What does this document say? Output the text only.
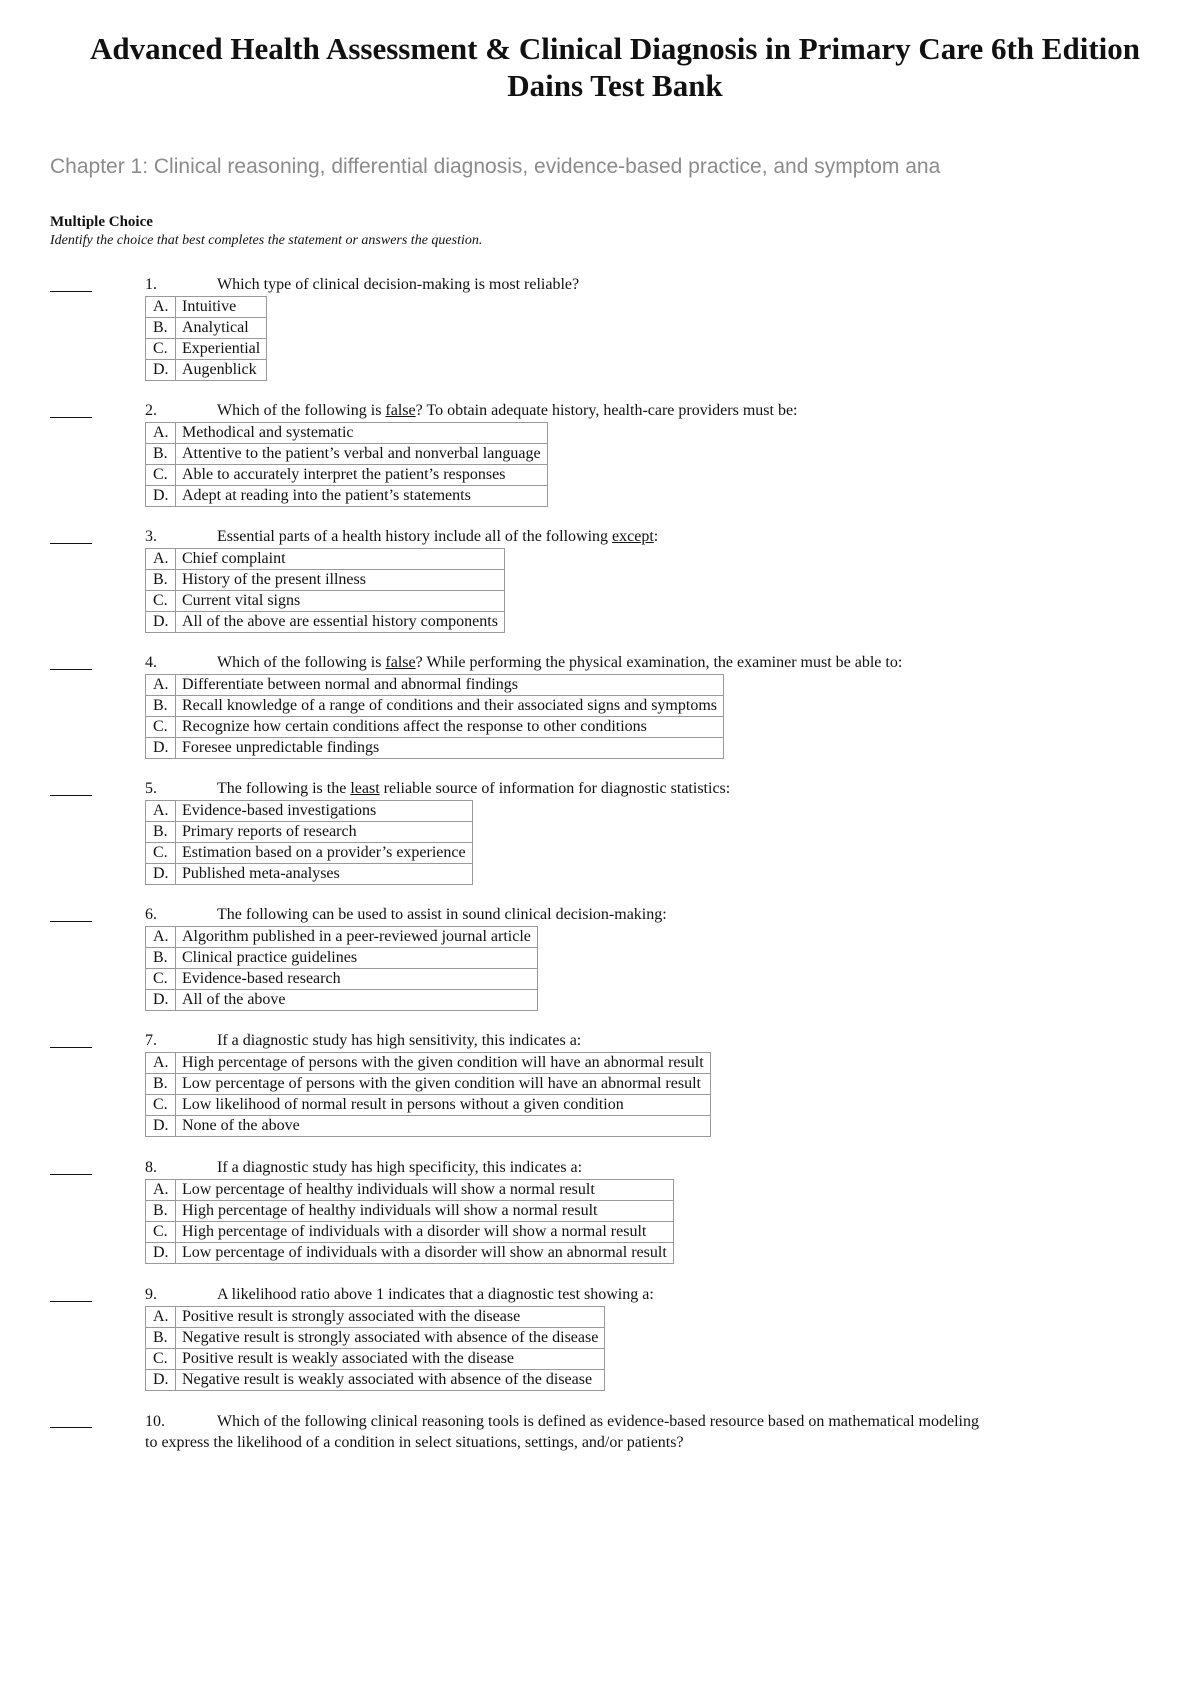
Advanced Health Assessment & Clinical Diagnosis in Primary Care 6th Edition
Dains Test Bank

Chapter 1: Clinical reasoning, differential diagnosis, evidence-based practice, and symptom ana

Multiple Choice
Identify the choice that best completes the statement or answers the question.
1.	Which type of clinical decision-making is most reliable?
A.	Intuitive
B.	Analytical
C.	Experiential
D.	Augenblick
2.	Which of the following is false? To obtain adequate history, health-care providers must be:
A.	Methodical and systematic
B.	Attentive to the patient’s verbal and nonverbal language
C.	Able to accurately interpret the patient’s responses
D.	Adept at reading into the patient’s statements
3.	Essential parts of a health history include all of the following except:
A.	Chief complaint
B.	History of the present illness
C.	Current vital signs
D.	All of the above are essential history components
4.	Which of the following is false? While performing the physical examination, the examiner must be able to:
A.	Differentiate between normal and abnormal findings
B.	Recall knowledge of a range of conditions and their associated signs and symptoms
C.	Recognize how certain conditions affect the response to other conditions
D.	Foresee unpredictable findings
5.	The following is the least reliable source of information for diagnostic statistics:
A.	Evidence-based investigations
B.	Primary reports of research
C.	Estimation based on a provider’s experience
D.	Published meta-analyses
6.	The following can be used to assist in sound clinical decision-making:
A.	Algorithm published in a peer-reviewed journal article
B.	Clinical practice guidelines
C.	Evidence-based research
D.	All of the above
7.	If a diagnostic study has high sensitivity, this indicates a:
A.	High percentage of persons with the given condition will have an abnormal result
B.	Low percentage of persons with the given condition will have an abnormal result
C.	Low likelihood of normal result in persons without a given condition
D.	None of the above
8.	If a diagnostic study has high specificity, this indicates a:
A.	Low percentage of healthy individuals will show a normal result
B.	High percentage of healthy individuals will show a normal result
C.	High percentage of individuals with a disorder will show a normal result
D.	Low percentage of individuals with a disorder will show an abnormal result
9.	A likelihood ratio above 1 indicates that a diagnostic test showing a:
A.	Positive result is strongly associated with the disease
B.	Negative result is strongly associated with absence of the disease
C.	Positive result is weakly associated with the disease
D.	Negative result is weakly associated with absence of the disease
10.	Which of the following clinical reasoning tools is defined as evidence-based resource based on mathematical modeling
to express the likelihood of a condition in select situations, settings, and/or patients?
